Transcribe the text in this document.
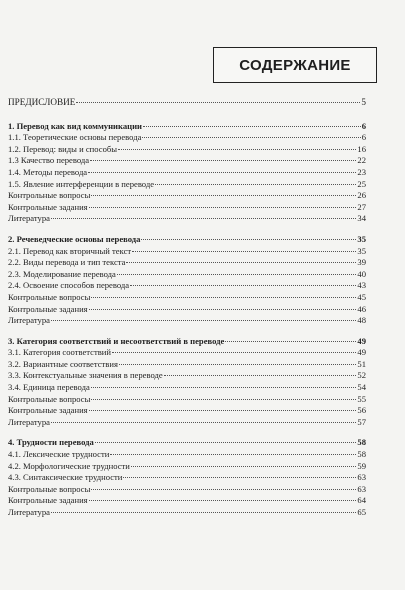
СОДЕРЖАНИЕ
ПРЕДИСЛОВИЕ	5
1. Перевод как вид коммуникации	6
1.1. Теоретические основы перевода	6
1.2. Перевод: виды и способы	16
1.3 Качество перевода	22
1.4. Методы перевода	23
1.5. Явление интерференции в переводе	25
Контрольные вопросы	26
Контрольные задания	27
Литература	34
2. Речеведческие основы перевода	35
2.1. Перевод как вторичный текст	35
2.2. Виды перевода и тип текста	39
2.3. Моделирование перевода	40
2.4. Освоение способов перевода	43
Контрольные вопросы	45
Контрольные задания	46
Литература	48
3. Категория соответствий и несоответствий в переводе	49
3.1. Категория соответствий	49
3.2. Вариантные соответствия	51
3.3. Контекстуальные значения в переводе	52
3.4. Единица перевода	54
Контрольные вопросы	55
Контрольные задания	56
Литература	57
4. Трудности перевода	58
4.1. Лексические трудности	58
4.2. Морфологические трудности	59
4.3. Синтаксические трудности	63
Контрольные вопросы	63
Контрольные задания	64
Литература	65
